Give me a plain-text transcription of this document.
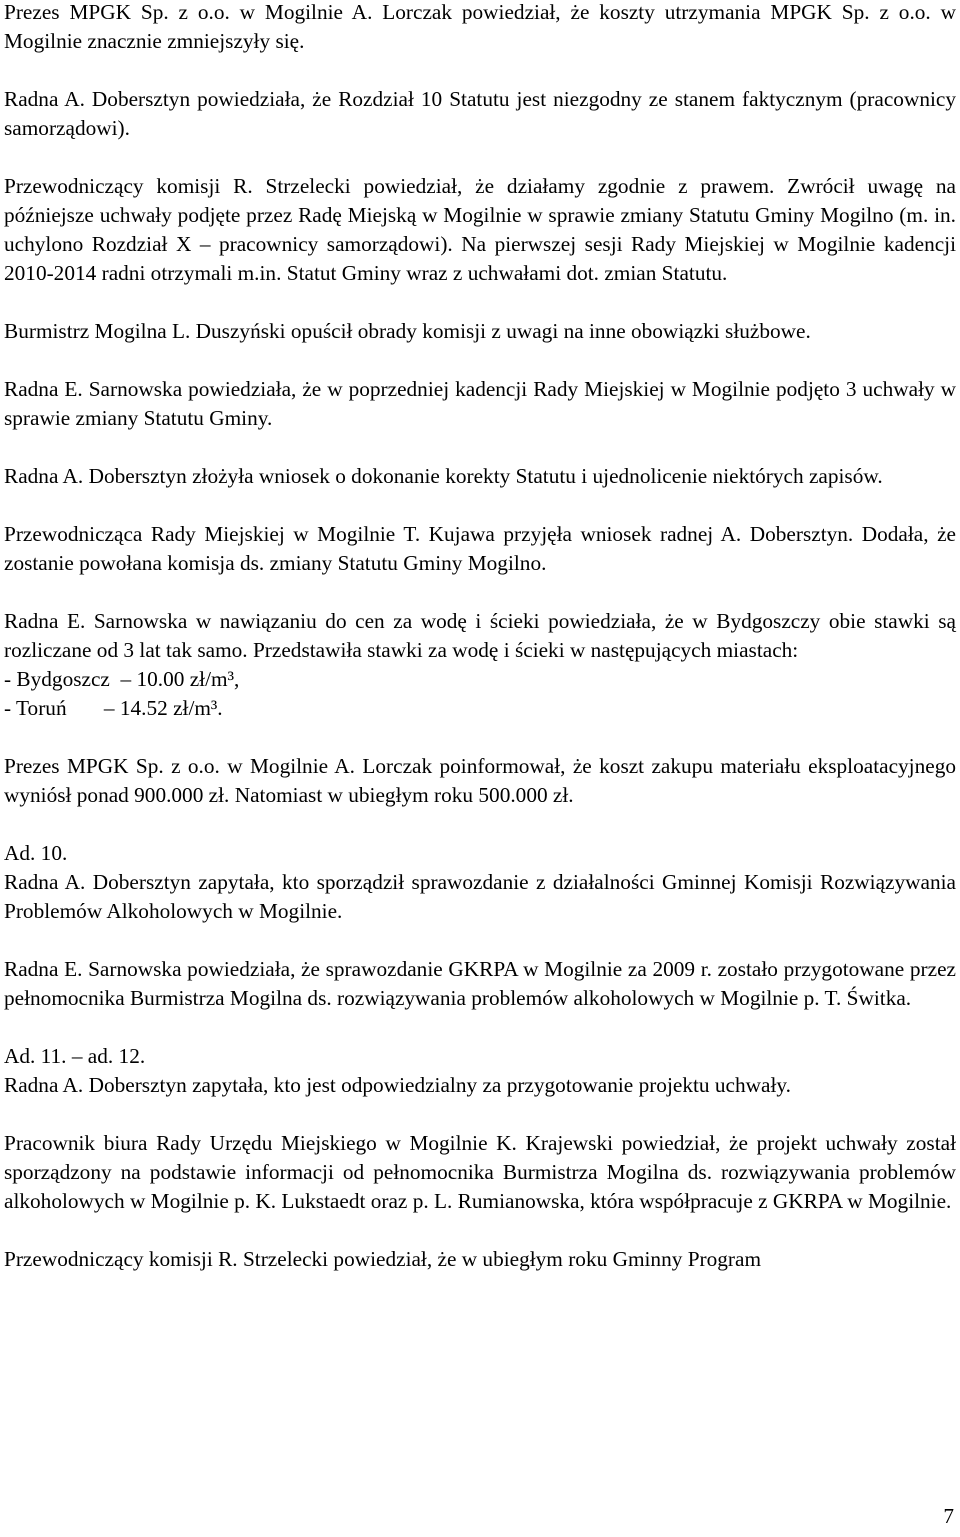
Prezes MPGK Sp. z o.o. w Mogilnie A. Lorczak powiedział, że koszty utrzymania MPGK Sp. z o.o. w Mogilnie znacznie zmniejszyły się.

Radna A. Dobersztyn powiedziała, że Rozdział 10 Statutu jest niezgodny ze stanem faktycznym (pracownicy samorządowi).

Przewodniczący komisji R. Strzelecki powiedział, że działamy zgodnie z prawem. Zwrócił uwagę na późniejsze uchwały podjęte przez Radę Miejską w Mogilnie w sprawie zmiany Statutu Gminy Mogilno (m. in. uchylono Rozdział X – pracownicy samorządowi). Na pierwszej sesji Rady Miejskiej w Mogilnie kadencji 2010-2014 radni otrzymali m.in. Statut Gminy wraz z uchwałami dot. zmian Statutu.

Burmistrz Mogilna L. Duszyński opuścił obrady komisji z uwagi na inne obowiązki służbowe.

Radna E. Sarnowska powiedziała, że w poprzedniej kadencji Rady Miejskiej w Mogilnie podjęto 3 uchwały w sprawie zmiany Statutu Gminy.

Radna A. Dobersztyn złożyła wniosek o dokonanie korekty Statutu i ujednolicenie niektórych zapisów.

Przewodnicząca Rady Miejskiej w Mogilnie T. Kujawa przyjęła wniosek radnej A. Dobersztyn. Dodała, że zostanie powołana komisja ds. zmiany Statutu Gminy Mogilno.

Radna E. Sarnowska w nawiązaniu do cen za wodę i ścieki powiedziała, że w Bydgoszczy obie stawki są rozliczane od 3 lat tak samo. Przedstawiła stawki za wodę i ścieki w następujących miastach:
- Bydgoszcz  – 10.00 zł/m³,
- Toruń       – 14.52 zł/m³.

Prezes MPGK Sp. z o.o. w Mogilnie A. Lorczak poinformował, że koszt zakupu materiału eksploatacyjnego wyniósł ponad 900.000 zł. Natomiast w ubiegłym roku 500.000 zł.

Ad. 10.
Radna A. Dobersztyn zapytała, kto sporządził sprawozdanie z działalności Gminnej Komisji Rozwiązywania Problemów Alkoholowych w Mogilnie.

Radna E. Sarnowska powiedziała, że sprawozdanie GKRPA w Mogilnie za 2009 r. zostało przygotowane przez pełnomocnika Burmistrza Mogilna ds. rozwiązywania problemów alkoholowych w Mogilnie p. T. Świtka.

Ad. 11. – ad. 12.
Radna A. Dobersztyn zapytała, kto jest odpowiedzialny za przygotowanie projektu uchwały.

Pracownik biura Rady Urzędu Miejskiego w Mogilnie K. Krajewski powiedział, że projekt uchwały został sporządzony na podstawie informacji od pełnomocnika Burmistrza Mogilna ds. rozwiązywania problemów alkoholowych w Mogilnie p. K. Lukstaedt oraz p. L. Rumianowska, która współpracuje z GKRPA w Mogilnie.

Przewodniczący komisji R. Strzelecki powiedział, że w ubiegłym roku Gminny Program

7
